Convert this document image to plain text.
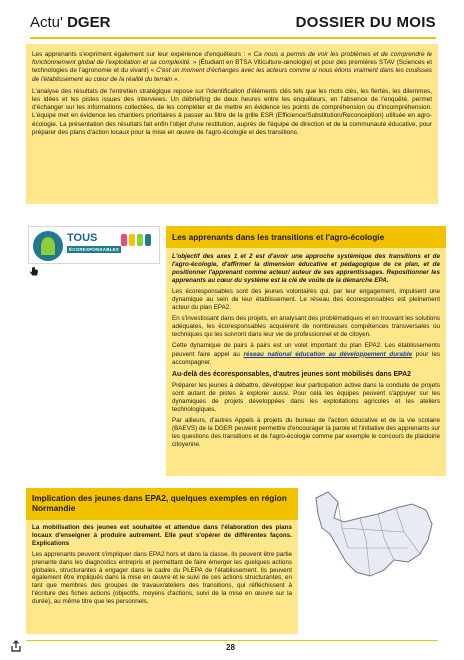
Actu' DGER	DOSSIER DU MOIS

Les apprenants s'expriment également sur leur expérience d'enquêteurs : « Ca nous a permis de voir les problèmes et de comprendre le fonctionnement global de l'exploitation et sa complexité. » (Étudiant en BTSA Viticulture-œnologie) et pour des premières STAV (Sciences et technologies de l'agronomie et du vivant) « C'est un moment d'échanges avec les acteurs comme si nous étions vraiment dans les coulisses de l'établissement au cœur de la réalité du terrain ».

L'analyse des résultats de l'entretien stratégique repose sur l'identification d'éléments clés tels que les mots clés, les fiertés, les dilemmes, les idées et les pistes issues des interviews. Un débriefing de deux heures entre les enquêteurs, en l'absence de l'enquêté, permet d'échanger sur les informations collectées, de les compléter et de mettre en évidence les points de compréhension ou d'incompréhension. L'équipe met en évidence les chantiers prioritaires à passer au filtre de la grille ESR (Efficience/Substitution/Reconception) utilisée en agro-écologie. La présentation des résultats fait enfin l'objet d'une restitution, auprès de l'équipe de direction et de la communauté éducative, pour préparer des plans d'action locaux pour la mise en œuvre de l'agro-écologie et des transitions.

TOUS
ÉCORESPONSABLES
Les apprenants dans les transitions et l'agro-écologie

L'objectif des axes 1 et 2 est d'avoir une approche systémique des transitions et de l'agro-écologie, d'affirmer la dimension éducative et pédagogique de ce plan, et de positionner l'apprenant comme acteur/ auteur de ses apprentissages. Repositionner les apprenants au cœur du système est la clé de voûte de la démarche EPA.

Les écoresponsables sont des jeunes volontaires qui, par leur engagement, impulsent une dynamique au sein de leur établissement. Le réseau des écoresponsables est pleinement acteur du plan EPA2.

En s'investissant dans des projets, en analysant des problématiques et en trouvant les solutions adéquates, les écoresponsables acquièrent de nombreuses compétences transversales ou techniques qui les suivront dans leur vie de professionnel et de citoyen.

Cette dynamique de pairs à pairs est un volet important du plan EPA2. Les établissements peuvent faire appel au réseau national éducation au développement durable pour les accompagner.

Au-delà des écoresponsables, d'autres jeunes sont mobilisés dans EPA2

Préparer les jeunes à débattre, développer leur participation active dans la conduite de projets sont autant de pistes à explorer aussi. Pour cela les équipes peuvent s'appuyer sur les dynamiques de projets développées dans les exploitations agricoles et les ateliers technologiques.

Par ailleurs, d'autres Appels à projets du bureau de l'action éducative et de la vie scolaire (BAEVS) de la DGER peuvent permettre d'encourager la parole et l'initiative des apprenants sur les questions des transitions et de l'agro-écologie comme par exemple le concours de plaidoirie citoyenne.

Implication des jeunes dans EPA2, quelques exemples en région Normandie

La mobilisation des jeunes est souhaitée et attendue dans l'élaboration des plans locaux d'enseigner à produire autrement. Elle peut s'opérer de différentes façons. Explications

Les apprenants peuvent s'impliquer dans EPA2 hors et dans la classe. Ils peuvent être partie prenante dans les diagnostics entrepris et permettant de faire émerger les quelques actions globales, structurantes à engager dans le cadre du PLEPA de l'établissement. Ils peuvent également être impliqués dans la mise en œuvre et le suivi de ces actions structurantes, en tant que membres des groupes de travaux/ateliers des transitions, qui réfléchissent à l'écriture des fiches actions (objectifs, moyens d'actions, suivi de la mise en œuvre sur la durée), au même titre que les personnels.

28
